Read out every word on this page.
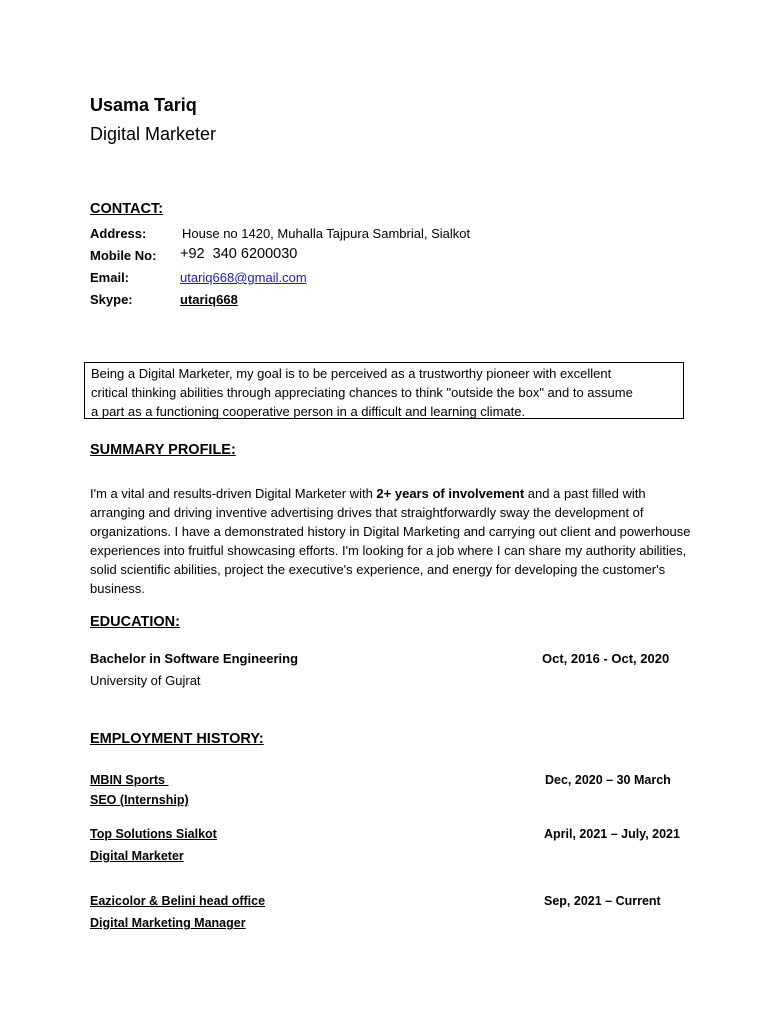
Usama Tariq
Digital Marketer
CONTACT:
Address:	House no 1420, Muhalla Tajpura Sambrial, Sialkot
Mobile No: +92  340 6200030
Email:	utariq668@gmail.com
Skype:	utariq668
Being a Digital Marketer, my goal is to be perceived as a trustworthy pioneer with excellent
critical thinking abilities through appreciating chances to think "outside the box" and to assume
a part as a functioning cooperative person in a difficult and learning climate.
SUMMARY PROFILE:
I'm a vital and results-driven Digital Marketer with 2+ years of involvement and a past filled with arranging and driving inventive advertising drives that straightforwardly sway the development of organizations. I have a demonstrated history in Digital Marketing and carrying out client and powerhouse experiences into fruitful showcasing efforts. I'm looking for a job where I can share my authority abilities, solid scientific abilities, project the executive's experience, and energy for developing the customer's business.
EDUCATION:
Bachelor in Software Engineering	Oct, 2016 - Oct, 2020
University of Gujrat
EMPLOYMENT HISTORY:
MBIN Sports	Dec, 2020 – 30 March
SEO (Internship)
Top Solutions Sialkot	April, 2021 – July, 2021
Digital Marketer
Eazicolor & Belini head office	Sep, 2021 – Current
Digital Marketing Manager
